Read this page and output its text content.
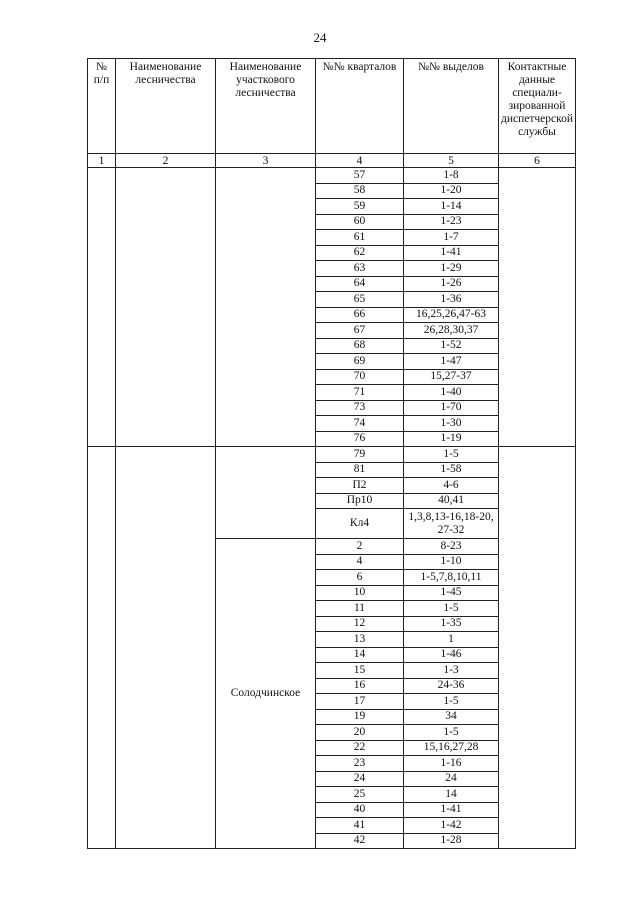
24
№ п/п	Наименование лесничества	Наименование участкового лесничества	№№ кварталов	№№ выделов	Контактные данные специали-зированной диспетчерской службы
1	2	3	4	5	6
			57	1-8	
			58	1-20	
			59	1-14	
			60	1-23	
			61	1-7	
			62	1-41	
			63	1-29	
			64	1-26	
			65	1-36	
			66	16,25,26,47-63	
			67	26,28,30,37	
			68	1-52	
			69	1-47	
			70	15,27-37	
			71	1-40	
			73	1-70	
			74	1-30	
			76	1-19	
			79	1-5	
			81	1-58	
			П2	4-6	
			Пр10	40,41	
			Кл4	1,3,8,13-16,18-20, 27-32	
		Солодчинское	2	8-23	
			4	1-10	
			6	1-5,7,8,10,11	
			10	1-45	
			11	1-5	
			12	1-35	
			13	1	
			14	1-46	
			15	1-3	
			16	24-36	
			17	1-5	
			19	34	
			20	1-5	
			22	15,16,27,28	
			23	1-16	
			24	24	
			25	14	
			40	1-41	
			41	1-42	
			42	1-28	
